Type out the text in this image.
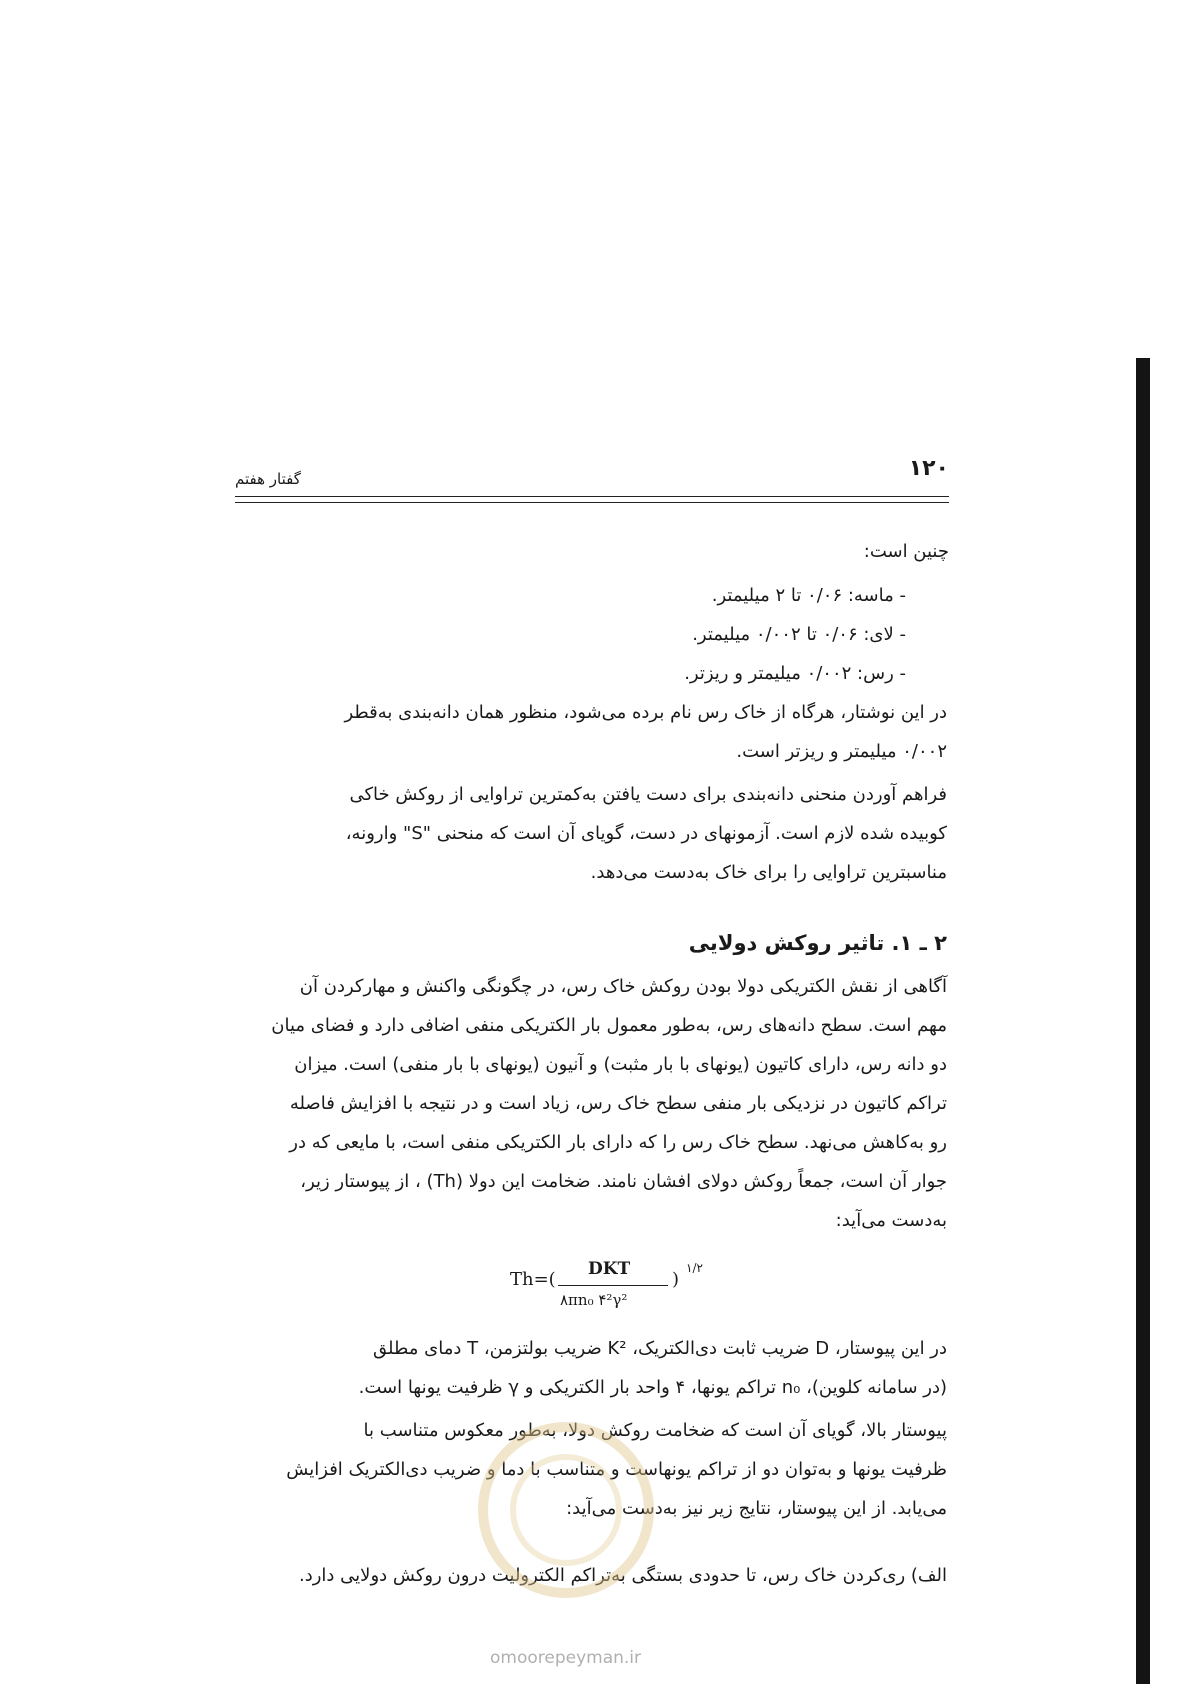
۱۲۰
گفتار هفتم
چنین است:
- ماسه: ۰/۰۶ تا ۲ میلیمتر.
- لای: ۰/۰۶ تا ۰/۰۰۲ میلیمتر.
- رس: ۰/۰۰۲ میلیمتر و ریزتر.
در این نوشتار، هرگاه از خاک رس نام برده می‌شود، منظور همان دانه‌بندی به‌قطر
۰/۰۰۲ میلیمتر و ریزتر است.
فراهم آوردن منحنی دانه‌بندی برای دست یافتن به‌کمترین تراوایی از روکش خاکی
کوبیده شده لازم است. آزمونهای در دست، گویای آن است که منحنی "S" وارونه،
مناسبترین تراوایی را برای خاک به‌دست می‌دهد.
۲ ـ ۱. تاثیر روکش دولایی
آگاهی از نقش الکتریکی دولا بودن روکش خاک رس، در چگونگی واکنش و مهارکردن آن
مهم است. سطح دانه‌های رس، به‌طور معمول بار الکتریکی منفی اضافی دارد و فضای میان
دو دانه رس، دارای کاتیون (یونهای با بار مثبت) و آنیون (یونهای با بار منفی) است. میزان
تراکم کاتیون در نزدیکی بار منفی سطح خاک رس، زیاد است و در نتیجه با افزایش فاصله
رو به‌کاهش می‌نهد. سطح خاک رس را که دارای بار الکتریکی منفی است، با مایعی که در
جوار آن است، جمعاً روکش دولای افشان نامند. ضخامت این دولا (Th) ، از پیوستار زیر،
به‌دست می‌آید:
Th=( DKT
۸πn₀ ۴²γ²
)
۱/۲
در این پیوستار، D ضریب ثابت دی‌الکتریک، K² ضریب بولتزمن، T دمای مطلق
(در سامانه کلوین)، n₀ تراکم یونها، ۴ واحد بار الکتریکی و γ ظرفیت یونها است.
پیوستار بالا، گویای آن است که ضخامت روکش دولا، به‌طور معکوس متناسب با
ظرفیت یونها و به‌توان دو از تراکم یونهاست و متناسب با دما و ضریب دی‌الکتریک افزایش
می‌یابد. از این پیوستار، نتایج زیر نیز به‌دست می‌آید:
الف) ری‌کردن خاک رس، تا حدودی بستگی به‌تراکم الکترولیت درون روکش دولایی دارد.
omoorepeyman.ir
